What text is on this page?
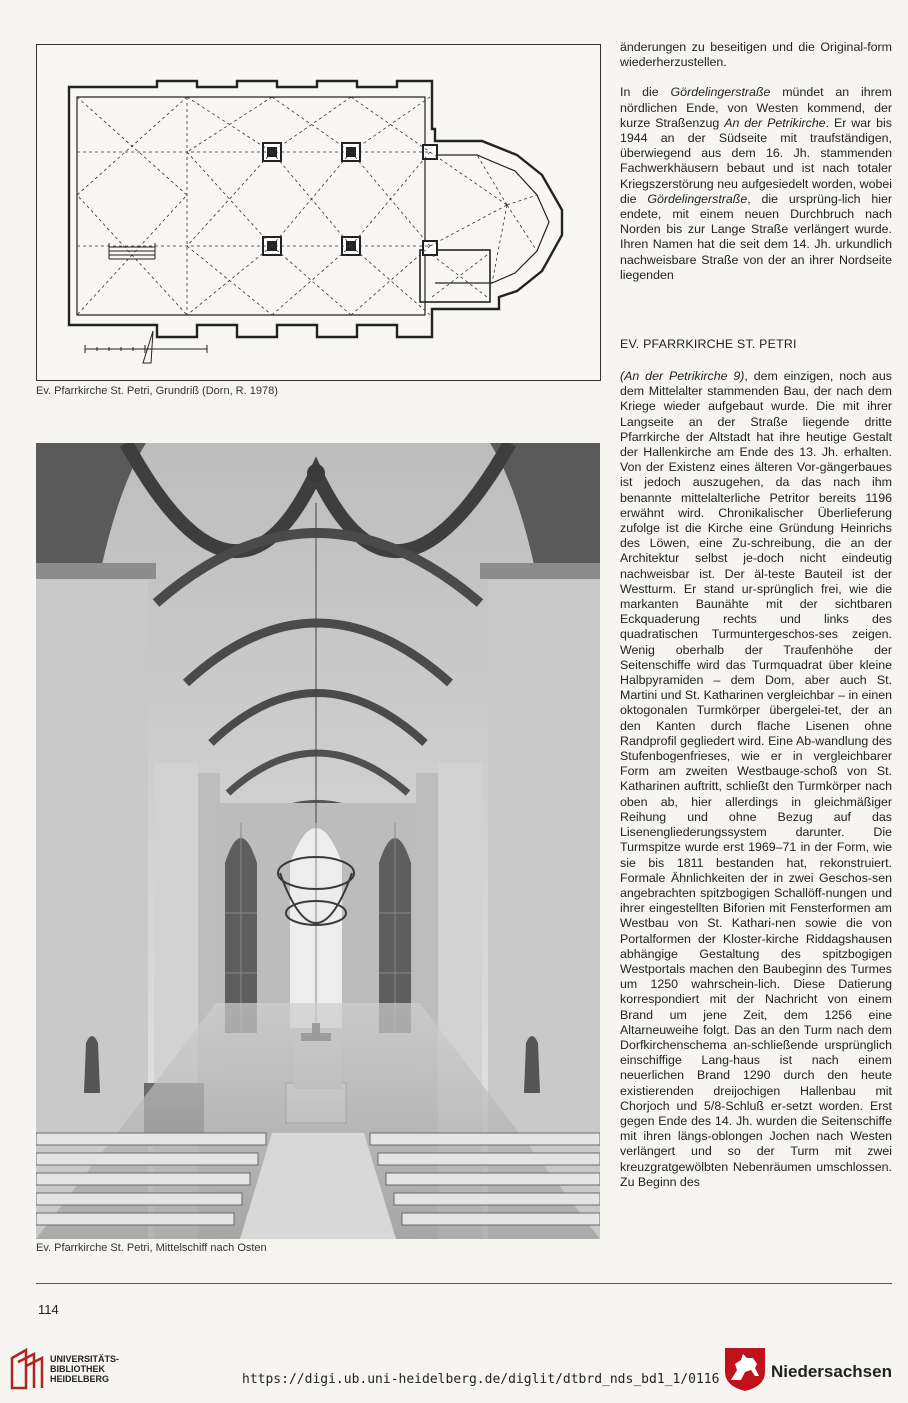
Ev. Pfarrkirche St. Petri, Grundriß (Dorn, R. 1978)
Ev. Pfarrkirche St. Petri, Mittelschiff nach Osten

änderungen zu beseitigen und die Original-form wiederherzustellen.

In die Gördelingerstraße mündet an ihrem nördlichen Ende, von Westen kommend, der kurze Straßenzug An der Petrikirche. Er war bis 1944 an der Südseite mit traufständigen, überwiegend aus dem 16. Jh. stammenden Fachwerkhäusern bebaut und ist nach totaler Kriegszerstörung neu aufgesiedelt worden, wobei die Gördelingerstraße, die ursprüng-lich hier endete, mit einem neuen Durchbruch nach Norden bis zur Lange Straße verlängert wurde. Ihren Namen hat die seit dem 14. Jh. urkundlich nachweisbare Straße von der an ihrer Nordseite liegenden

EV. PFARRKIRCHE ST. PETRI

(An der Petrikirche 9), dem einzigen, noch aus dem Mittelalter stammenden Bau, der nach dem Kriege wieder aufgebaut wurde. Die mit ihrer Langseite an der Straße liegende dritte Pfarrkirche der Altstadt hat ihre heutige Gestalt der Hallenkirche am Ende des 13. Jh. erhalten. Von der Existenz eines älteren Vor-gängerbaues ist jedoch auszugehen, da das nach ihm benannte mittelalterliche Petritor bereits 1196 erwähnt wird. Chronikalischer Überlieferung zufolge ist die Kirche eine Gründung Heinrichs des Löwen, eine Zu-schreibung, die an der Architektur selbst je-doch nicht eindeutig nachweisbar ist. Der äl-teste Bauteil ist der Westturm. Er stand ur-sprünglich frei, wie die markanten Baunähte mit der sichtbaren Eckquaderung rechts und links des quadratischen Turmuntergeschos-ses zeigen. Wenig oberhalb der Traufenhöhe der Seitenschiffe wird das Turmquadrat über kleine Halbpyramiden – dem Dom, aber auch St. Martini und St. Katharinen vergleichbar – in einen oktogonalen Turmkörper übergelei-tet, der an den Kanten durch flache Lisenen ohne Randprofil gegliedert wird. Eine Ab-wandlung des Stufenbogenfrieses, wie er in vergleichbarer Form am zweiten Westbauge-schoß von St. Katharinen auftritt, schließt den Turmkörper nach oben ab, hier allerdings in gleichmäßiger Reihung und ohne Bezug auf das Lisenengliederungssystem darunter. Die Turmspitze wurde erst 1969–71 in der Form, wie sie bis 1811 bestanden hat, rekonstruiert. Formale Ähnlichkeiten der in zwei Geschos-sen angebrachten spitzbogigen Schallöff-nungen und ihrer eingestellten Biforien mit Fensterformen am Westbau von St. Kathari-nen sowie die von Portalformen der Kloster-kirche Riddagshausen abhängige Gestaltung des spitzbogigen Westportals machen den Baubeginn des Turmes um 1250 wahrschein-lich. Diese Datierung korrespondiert mit der Nachricht von einem Brand um jene Zeit, dem 1256 eine Altarneuweihe folgt. Das an den Turm nach dem Dorfkirchenschema an-schließende ursprünglich einschiffige Lang-haus ist nach einem neuerlichen Brand 1290 durch den heute existierenden dreijochigen Hallenbau mit Chorjoch und 5/8-Schluß er-setzt worden. Erst gegen Ende des 14. Jh. wurden die Seitenschiffe mit ihren längs-oblongen Jochen nach Westen verlängert und so der Turm mit zwei kreuzgratgewölbten Nebenräumen umschlossen. Zu Beginn des

114
UNIVERSITÄTS-
BIBLIOTHEK
HEIDELBERG	https://digi.ub.uni-heidelberg.de/diglit/dtbrd_nds_bd1_1/0116	Niedersachsen
